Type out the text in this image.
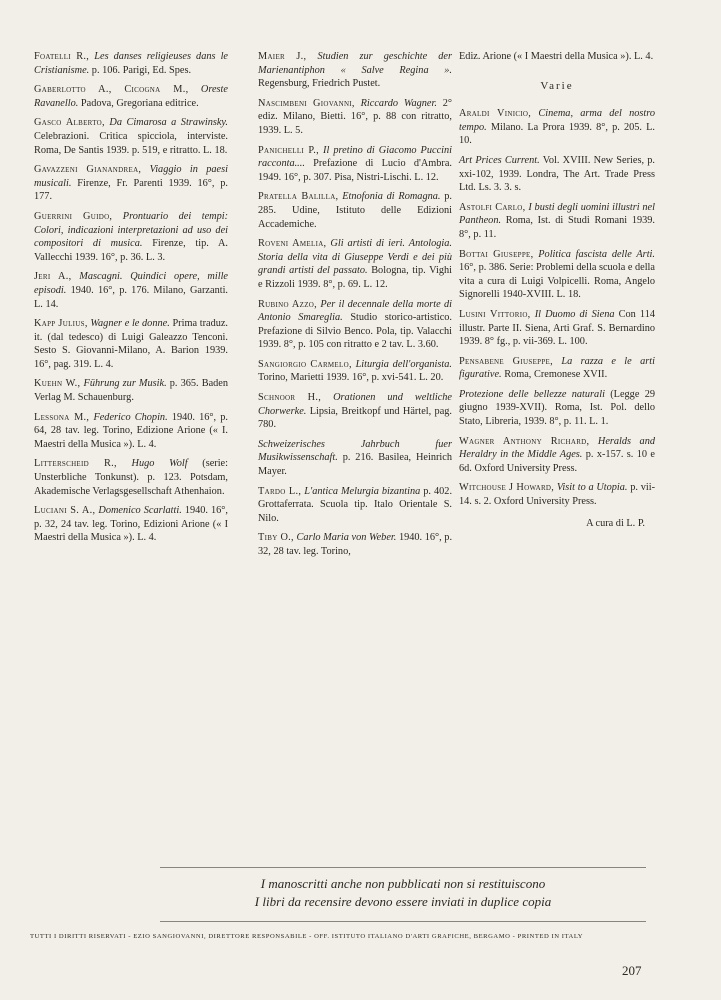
Foatelli R., Les danses religieuses dans le Cristianisme. p. 106. Parigi, Ed. Spes.

Gaberlotto A., Cicogna M., Oreste Ravanello. Padova, Gregoriana editrice.

Gasco Alberto, Da Cimarosa a Strawinsky. Celebrazioni. Critica spicciola, interviste. Roma, De Santis 1939. p. 519, e ritratto. L. 18.

Gavazzeni Gianandrea, Viaggio in paesi musicali. Firenze, Fr. Parenti 1939. 16°, p. 177.

Guerrini Guido, Prontuario dei tempi: Colori, indicazioni interpretazioni ad uso dei compositori di musica. Firenze, tip. A. Vallecchi 1939. 16°, p. 36. L. 3.

Jeri A., Mascagni. Quindici opere, mille episodi. 1940. 16°, p. 176. Milano, Garzanti. L. 14.

Kapp Julius, Wagner e le donne. Prima traduz. it. (dal tedesco) di Luigi Galeazzo Tenconi. Sesto S. Giovanni-Milano, A. Barion 1939. 16°, pag. 319. L. 4.

Kuehn W., Führung zur Musik. p. 365. Baden Verlag M. Schauenburg.

Lessona M., Federico Chopin. 1940. 16°, p. 64, 28 tav. leg. Torino, Edizione Arione (« I. Maestri della Musica »). L. 4.

Litterscheid R., Hugo Wolf (serie: Unsterbliche Tonkunst). p. 123. Potsdam, Akademische Verlagsgesellschaft Athenhaion.

Luciani S. A., Domenico Scarlatti. 1940. 16°, p. 32, 24 tav. leg. Torino, Edizioni Arione (« I Maestri della Musica »). L. 4.

Maier J., Studien zur geschichte der Marienantiphon « Salve Regina ». Regensburg, Friedrich Pustet.

Nascimbeni Giovanni, Riccardo Wagner. 2° ediz. Milano, Bietti. 16°, p. 88 con ritratto, 1939. L. 5.

Panichelli P., Il pretino di Giacomo Puccini racconta.... Prefazione di Lucio d'Ambra. 1949. 16°, p. 307. Pisa, Nistri-Lischi. L. 12.

Pratella Balilla, Etnofonia di Romagna. p. 285. Udine, Istituto delle Edizioni Accademiche.

Roveni Amelia, Gli artisti di ieri. Antologia. Storia della vita di Giuseppe Verdi e dei più grandi artisti del passato. Bologna, tip. Vighi e Rizzoli 1939. 8°, p. 69. L. 12.

Rubino Azzo, Per il decennale della morte di Antonio Smareglia. Studio storico-artistico. Prefazione di Silvio Benco. Pola, tip. Valacchi 1939. 8°, p. 105 con ritratto e 2 tav. L. 3.60.

Sangiorgio Carmelo, Liturgia dell'organista. Torino, Marietti 1939. 16°, p. xvi-541. L. 20.

Schnoor H., Orationen und weltliche Chorwerke. Lipsia, Breitkopf und Härtel, pag. 780.

Schweizerisches Jahrbuch fuer Musikwissenschaft. p. 216. Basilea, Heinrich Mayer.

Tardo L., L'antica Melurgia bizantina p. 402. Grottaferrata. Scuola tip. Italo Orientale S. Nilo.

Tiby O., Carlo Maria von Weber. 1940. 16°, p. 32, 28 tav. leg. Torino,

Ediz. Arione (« I Maestri della Musica »). L. 4.

Varie

Araldi Vinicio, Cinema, arma del nostro tempo. Milano. La Prora 1939. 8°, p. 205. L. 10.

Art Prices Current. Vol. XVIII. New Series, p. xxi-102, 1939. Londra, The Art. Trade Press Ltd. Ls. 3. 3. s.

Astolfi Carlo, I busti degli uomini illustri nel Pantheon. Roma, Ist. di Studi Romani 1939. 8°, p. 11.

Bottai Giuseppe, Politica fascista delle Arti. 16°, p. 386. Serie: Problemi della scuola e della vita a cura di Luigi Volpicelli. Roma, Angelo Signorelli 1940-XVIII. L. 18.

Lusini Vittorio, Il Duomo di Siena Con 114 illustr. Parte II. Siena, Arti Graf. S. Bernardino 1939. 8° fg., p. vii-369. L. 100.

Pensabene Giuseppe, La razza e le arti figurative. Roma, Cremonese XVII.

Protezione delle bellezze naturali (Legge 29 giugno 1939-XVII). Roma, Ist. Pol. dello Stato, Libreria, 1939. 8°, p. 11. L. 1.

Wagner Anthony Richard, Heralds and Heraldry in the Middle Ages. p. x-157. s. 10 e 6d. Oxford University Press.

Witchouse J Howard, Visit to a Utopia. p. vii-14. s. 2. Oxford University Press.

A cura di L. P.
I manoscritti anche non pubblicati non si restituiscono
I libri da recensire devono essere inviati in duplice copia
TUTTI I DIRITTI RISERVATI - EZIO SANGIOVANNI, DIRETTORE RESPONSABILE - OFF. ISTITUTO ITALIANO D'ARTI GRAFICHE, BERGAMO - PRINTED IN ITALY
207
